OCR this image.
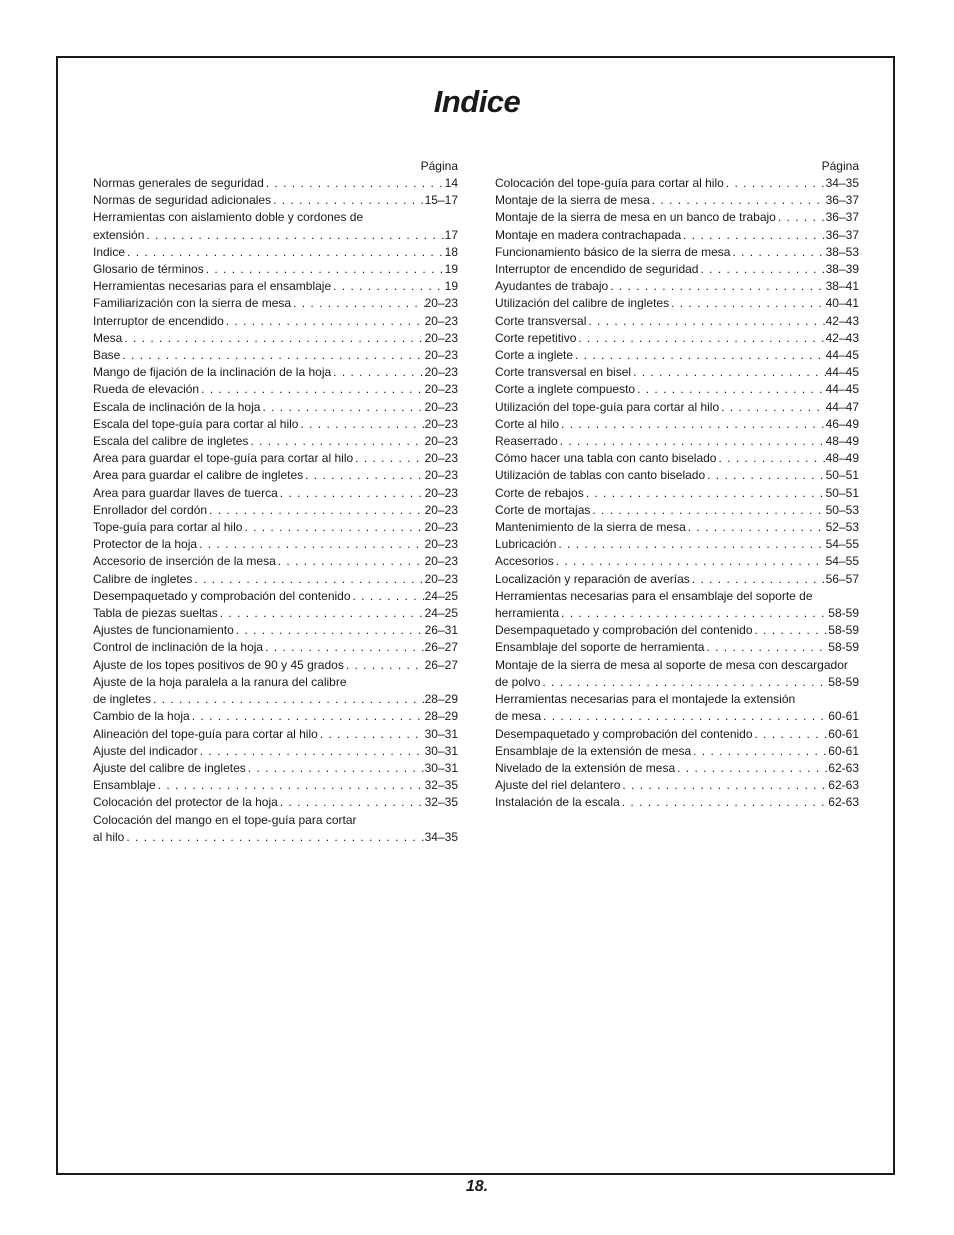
Indice
Página
Normas generales de seguridad . . .	14
Normas de seguridad adicionales . . .	15–17
Herramientas con aislamiento doble y cordones de
extensión . . .	17
Indice . . .	18
Glosario de términos . . .	19
Herramientas necesarias para el ensamblaje . . .	19
Familiarización con la sierra de mesa . . .	20–23
Interruptor de encendido . . .	20–23
Mesa . . .	20–23
Base . . .	20–23
Mango de fijación de la inclinación de la hoja . . .	20–23
Rueda de elevación . . .	20–23
Escala de inclinación de la hoja . . .	20–23
Escala del tope-guía para cortar al hilo . . .	20–23
Escala del calibre de ingletes . . .	20–23
Area para guardar el tope-guía para cortar al hilo . . .	20–23
Area para guardar el calibre de ingletes . . .	20–23
Area para guardar llaves de tuerca . . .	20–23
Enrollador del cordón . . .	20–23
Tope-guía para cortar al hilo . . .	20–23
Protector de la hoja . . .	20–23
Accesorio de inserción de la mesa . . .	20–23
Calibre de ingletes . . .	20–23
Desempaquetado y comprobación del contenido . . .	24–25
Tabla de piezas sueltas . . .	24–25
Ajustes de funcionamiento . . .	26–31
Control de inclinación de la hoja . . .	26–27
Ajuste de los topes positivos de 90 y 45 grados . . .	26–27
Ajuste de la hoja paralela a la ranura del calibre
de ingletes . . .	28–29
Cambio de la hoja . . .	28–29
Alineación del tope-guía para cortar al hilo . . .	30–31
Ajuste del indicador . . .	30–31
Ajuste del calibre de ingletes . . .	30–31
Ensamblaje . . .	32–35
Colocación del protector de la hoja . . .	32–35
Colocación del mango en el tope-guía para cortar
al hilo . . .	34–35
Página
Colocación del tope-guía para cortar al hilo . . .	34–35
Montaje de la sierra de mesa . . .	36–37
Montaje de la sierra de mesa en un banco de trabajo . . .	36–37
Montaje en madera contrachapada . . .	36–37
Funcionamiento básico de la sierra de mesa . . .	38–53
Interruptor de encendido de seguridad . . .	38–39
Ayudantes de trabajo . . .	38–41
Utilización del calibre de ingletes . . .	40–41
Corte transversal . . .	42–43
Corte repetitivo . . .	42–43
Corte a inglete . . .	44–45
Corte transversal en bisel . . .	44–45
Corte a inglete compuesto . . .	44–45
Utilización del tope-guía para cortar al hilo . . .	44–47
Corte al hilo . . .	46–49
Reaserrado . . .	48–49
Cómo hacer una tabla con canto biselado . . .	48–49
Utilización de tablas con canto biselado . . .	50–51
Corte de rebajos . . .	50–51
Corte de mortajas . . .	50–53
Mantenimiento de la sierra de mesa . . .	52–53
Lubricación . . .	54–55
Accesorios . . .	54–55
Localización y reparación de averías . . .	56–57
Herramientas necesarias para el ensamblaje del soporte de
herramienta . . .	58-59
Desempaquetado y comprobación del contenido . . .	58-59
Ensamblaje del soporte de herramienta . . .	58-59
Montaje de la sierra de mesa al soporte de mesa con descargador
de polvo . . .	58-59
Herramientas necesarias para el montajede la extensión
de mesa . . .	60-61
Desempaquetado y comprobación del contenido . . .	60-61
Ensamblaje de la extensión de mesa . . .	60-61
Nivelado de la extensión de mesa . . .	62-63
Ajuste del riel delantero . . .	62-63
Instalación de la escala . . .	62-63
18.
